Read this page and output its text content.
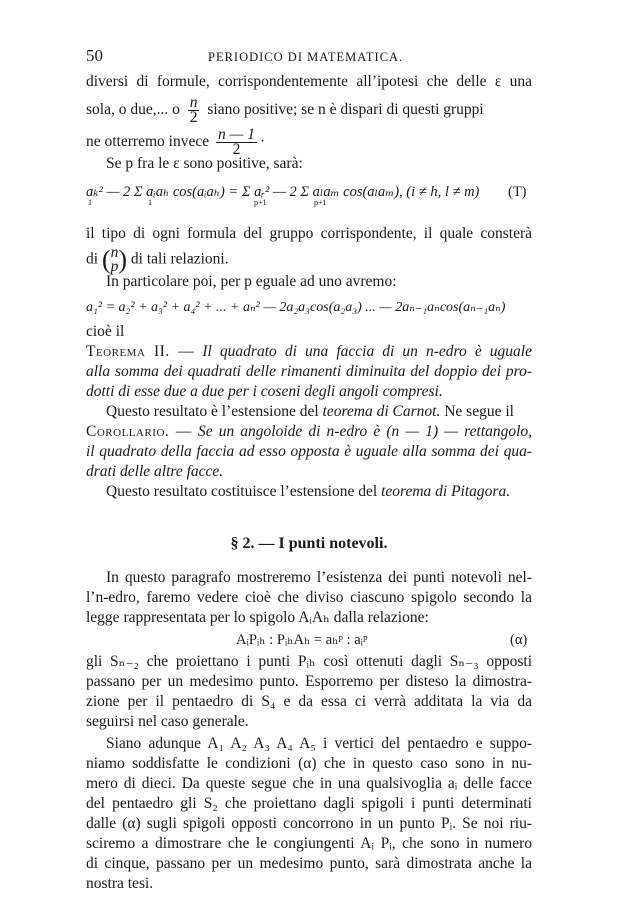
50	PERIODICO DI MATEMATICA.
diversi di formule, corrispondentemente all’ipotesi che delle ε una
sola, o due,... o $\frac{n}{2}$ siano positive; se n è dispari di questi gruppi
ne otterremo invece $\frac{n — 1}{2}$ ·
Se p fra le ε sono positive, sarà:
aₖ² — 2 Σ aᵢaₕ cos(aᵢaₕ) = Σ aᵣ² — 2 Σ aₗaₘ cos(aₗaₘ), (i ≠ h, l ≠ m)	(T)
1	1	p+1	p+1
il tipo di ogni formula del gruppo corrispondente, il quale consterà
di ( n
p ) di tali relazioni.
In particolare poi, per p eguale ad uno avremo:
a₁² = a₂² + a₃² + a₄² + ... + aₙ² — 2a₂a₃cos(a₂a₃) ... — 2aₙ₋₁aₙcos(aₙ₋₁aₙ)
cioè il
Teorema II. — Il quadrato di una faccia di un n-edro è uguale
alla somma dei quadrati delle rimanenti diminuita del doppio dei pro-
dotti di esse due a due per i coseni degli angoli compresi.
Questo resultato è l’estensione del teorema di Carnot. Ne segue il
Corollario. — Se un angoloide di n-edro è (n — 1) — rettangolo,
il quadrato della faccia ad esso opposta è uguale alla somma dei qua-
drati delle altre facce.
Questo resultato costituisce l’estensione del teorema di Pitagora.
§ 2. — I punti notevoli.
In questo paragrafo mostreremo l’esistenza dei punti notevoli nel-
l’n-edro, faremo vedere cioè che diviso ciascuno spigolo secondo la
legge rappresentata per lo spigolo AᵢAₕ dalla relazione:
AᵢPᵢₕ : PᵢₕAₕ = aₕᵖ : aᵢᵖ	(α)
gli Sₙ₋₂ che proiettano i punti Pᵢₕ così ottenuti dagli Sₙ₋₃ opposti
passano per un medesimo punto. Esporremo per disteso la dimostra-
zione per il pentaedro di S₄ e da essa ci verrà additata la via da
seguirsi nel caso generale.
Siano adunque A₁ A₂ A₃ A₄ A₅ i vertici del pentaedro e suppo-
niamo soddisfatte le condizioni (α) che in questo caso sono in nu-
mero di dieci. Da queste segue che in una qualsivoglia aᵢ delle facce
del pentaedro gli S₂ che proiettano dagli spigoli i punti determinati
dalle (α) sugli spigoli opposti concorrono in un punto Pᵢ. Se noi riu-
sciremo a dimostrare che le congiungenti Aᵢ Pᵢ, che sono in numero
di cinque, passano per un medesimo punto, sarà dimostrata anche la
nostra tesi.
